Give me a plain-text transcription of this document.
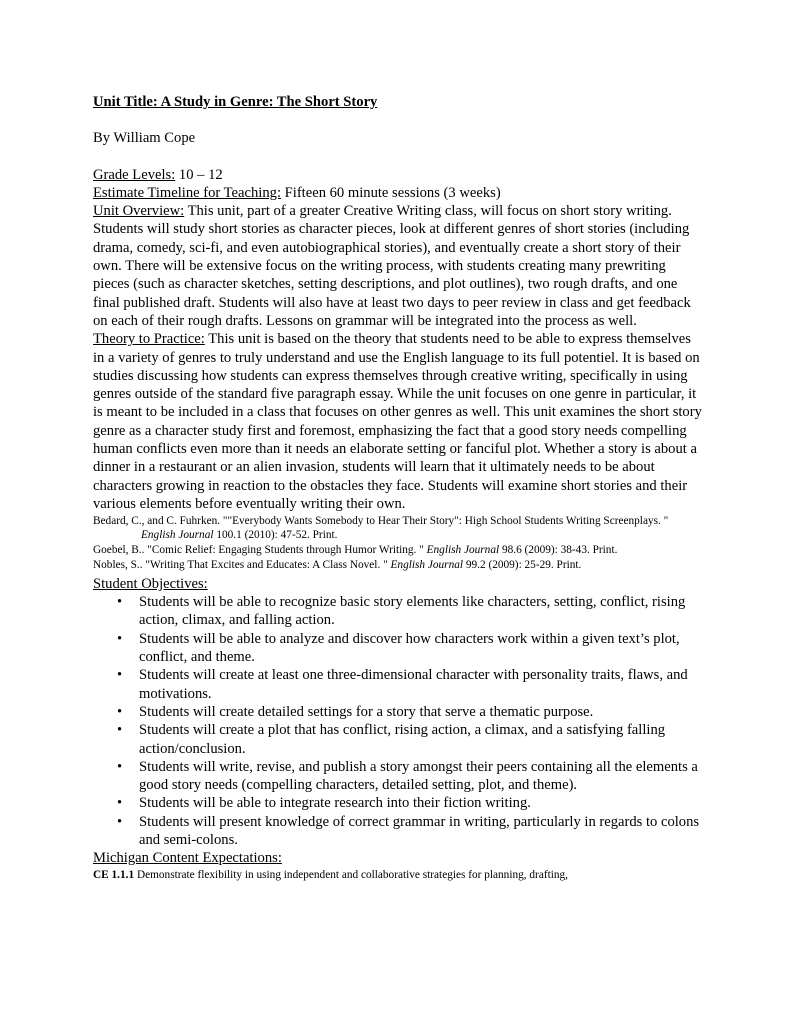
Unit Title: A Study in Genre: The Short Story

By William Cope

Grade Levels: 10 – 12

Estimate Timeline for Teaching: Fifteen 60 minute sessions (3 weeks)

Unit Overview: This unit, part of a greater Creative Writing class, will focus on short story writing. Students will study short stories as character pieces, look at different genres of short stories (including drama, comedy, sci-fi, and even autobiographical stories), and eventually create a short story of their own. There will be extensive focus on the writing process, with students creating many prewriting pieces (such as character sketches, setting descriptions, and plot outlines), two rough drafts, and one final published draft. Students will also have at least two days to peer review in class and get feedback on each of their rough drafts. Lessons on grammar will be integrated into the process as well.

Theory to Practice: This unit is based on the theory that students need to be able to express themselves in a variety of genres to truly understand and use the English language to its full potentiel. It is based on studies discussing how students can express themselves through creative writing, specifically in using genres outside of the standard five paragraph essay. While the unit focuses on one genre in particular, it is meant to be included in a class that focuses on other genres as well. This unit examines the short story genre as a character study first and foremost, emphasizing the fact that a good story needs compelling human conflicts even more than it needs an elaborate setting or fanciful plot. Whether a story is about a dinner in a restaurant or an alien invasion, students will learn that it ultimately needs to be about characters growing in reaction to the obstacles they face. Students will examine short stories and their various elements before eventually writing their own.

Bedard, C., and C. Fuhrken. ""Everybody Wants Somebody to Hear Their Story": High School Students Writing Screenplays. " English Journal 100.1 (2010): 47-52. Print.
Goebel, B.. "Comic Relief: Engaging Students through Humor Writing. " English Journal 98.6 (2009): 38-43. Print.
Nobles, S.. "Writing That Excites and Educates: A Class Novel. " English Journal 99.2 (2009): 25-29. Print.

Student Objectives:

• Students will be able to recognize basic story elements like characters, setting, conflict, rising action, climax, and falling action.
• Students will be able to analyze and discover how characters work within a given text’s plot, conflict, and theme.
• Students will create at least one three-dimensional character with personality traits, flaws, and motivations.
• Students will create detailed settings for a story that serve a thematic purpose.
• Students will create a plot that has conflict, rising action, a climax, and a satisfying falling action/conclusion.
• Students will write, revise, and publish a story amongst their peers containing all the elements a good story needs (compelling characters, detailed setting, plot, and theme).
• Students will be able to integrate research into their fiction writing.
• Students will present knowledge of correct grammar in writing, particularly in regards to colons and semi-colons.

Michigan Content Expectations:

CE 1.1.1 Demonstrate flexibility in using independent and collaborative strategies for planning, drafting,
